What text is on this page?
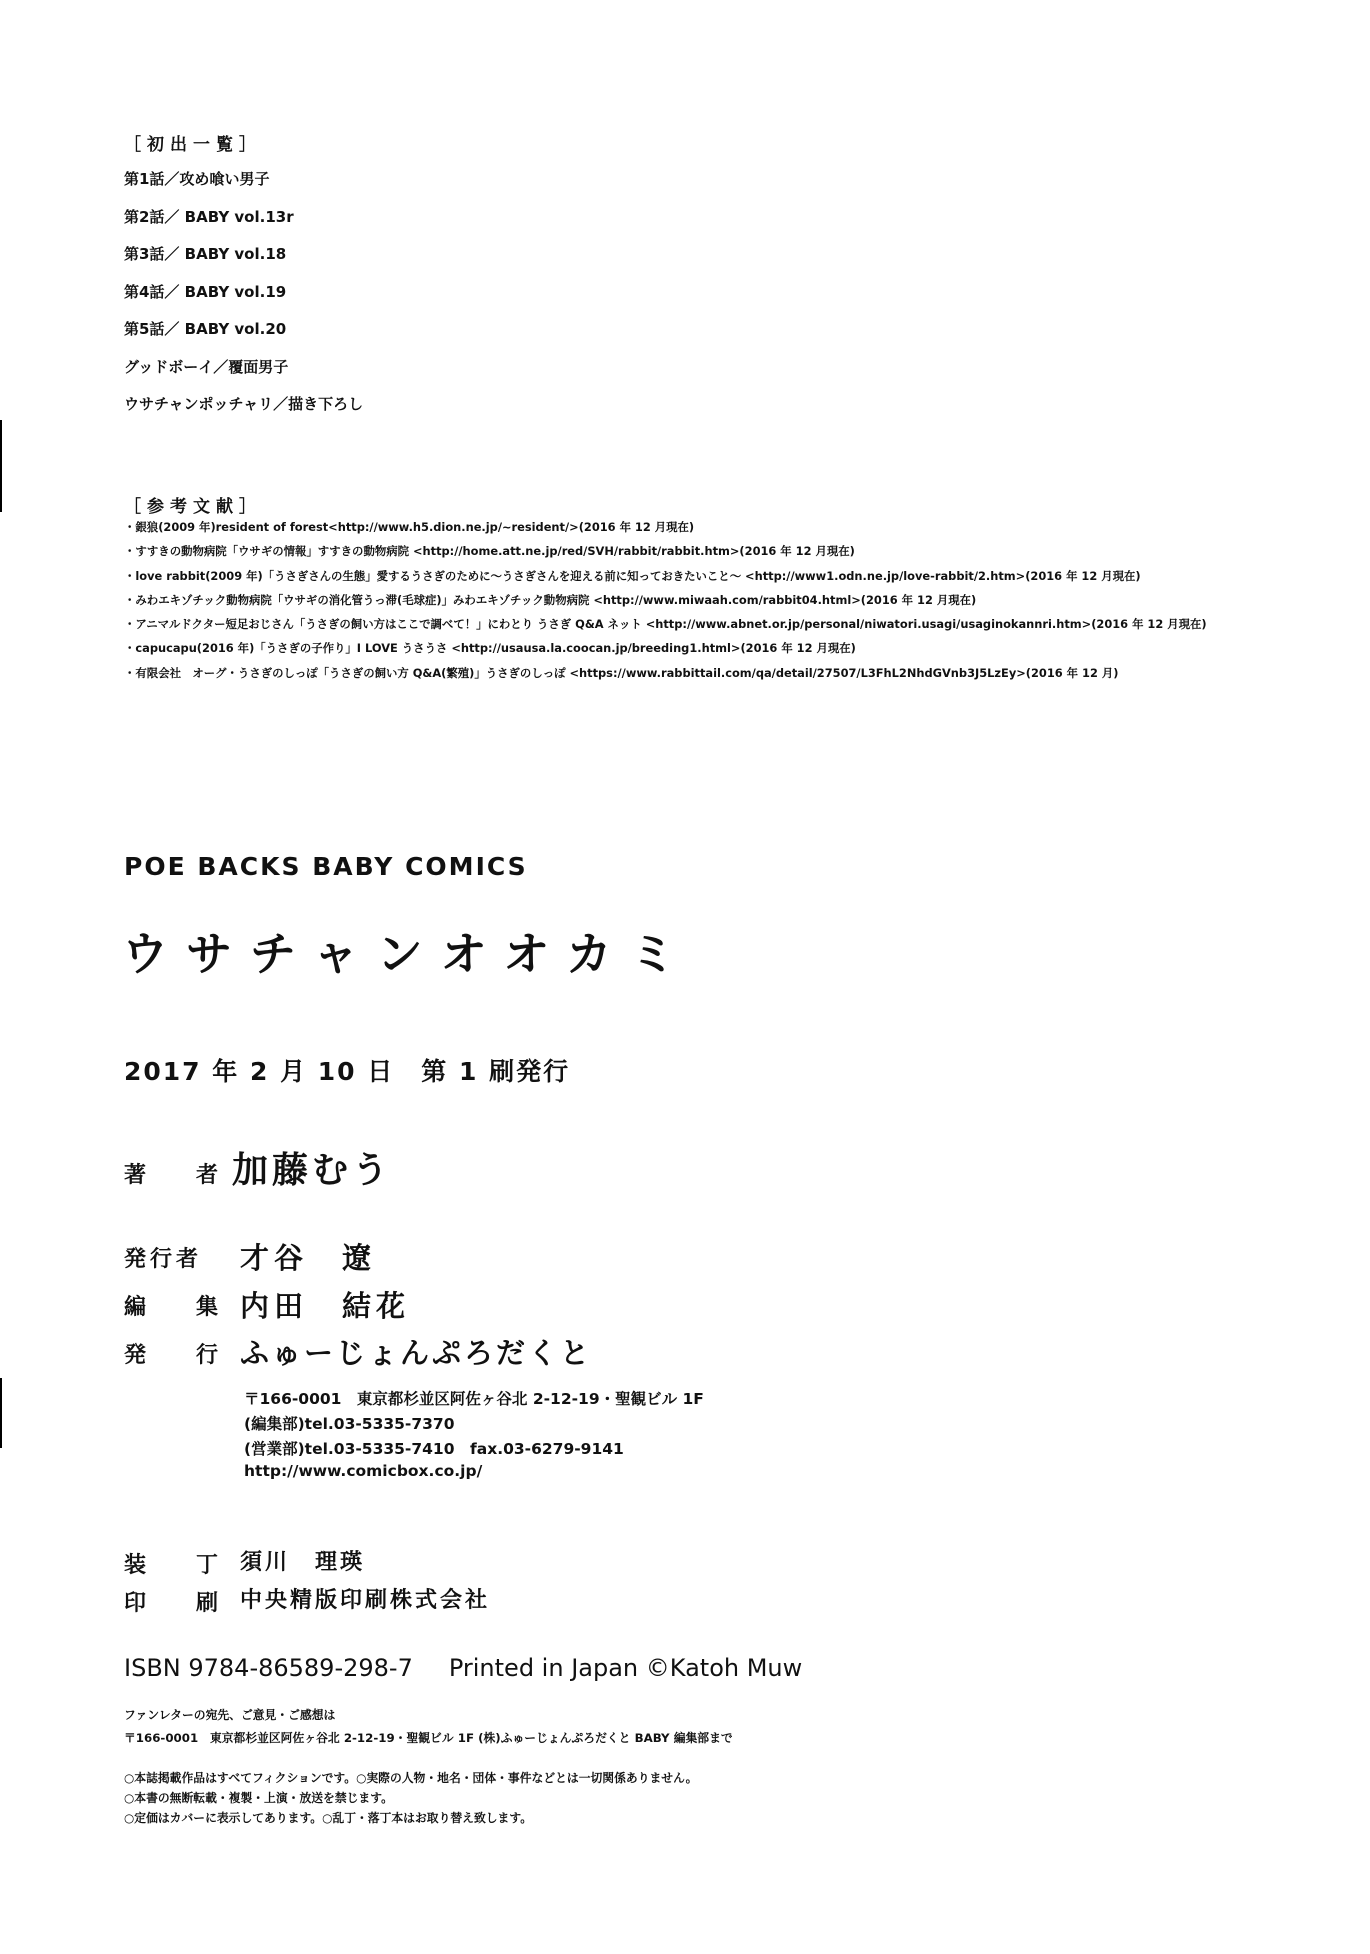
［初出一覧］
第1話／攻め喰い男子
第2話／ BABY vol.13r
第3話／ BABY vol.18
第4話／ BABY vol.19
第5話／ BABY vol.20
グッドボーイ／覆面男子
ウサチャンポッチャリ／描き下ろし
［参考文献］
・ 銀狼(2009 年)resident of forest<http://www.h5.dion.ne.jp/~resident/>(2016 年 12 月現在)
・ すすきの動物病院「ウサギの情報」すすきの動物病院 <http://home.att.ne.jp/red/SVH/rabbit/rabbit.htm>(2016 年 12 月現在)
・ love rabbit(2009 年)「うさぎさんの生態」愛するうさぎのために～うさぎさんを迎える前に知っておきたいこと～ <http://www1.odn.ne.jp/love-rabbit/2.htm>(2016 年 12 月現在)
・ みわエキゾチック動物病院「ウサギの消化管うっ滞(毛球症)」みわエキゾチック動物病院 <http://www.miwaah.com/rabbit04.html>(2016 年 12 月現在)
・ アニマルドクター短足おじさん「うさぎの飼い方はここで調べて！」にわとり うさぎ Q&A ネット <http://www.abnet.or.jp/personal/niwatori.usagi/usaginokannri.htm>(2016 年 12 月現在)
・ capucapu(2016 年)「うさぎの子作り」I LOVE うさうさ <http://usausa.la.coocan.jp/breeding1.html>(2016 年 12 月現在)
・ 有限会社　オーグ・うさぎのしっぽ「うさぎの飼い方 Q&A(繁殖)」うさぎのしっぽ <https://www.rabbittail.com/qa/detail/27507/L3FhL2NhdGVnb3J5LzEy>(2016 年 12 月)
POE BACKS BABY COMICS
ウサチャンオオカミ
2017 年 2 月 10 日　第 1 刷発行
著　者 加藤むう
発行者 才谷　遼
編　集 内田　結花
発　行 ふゅーじょんぷろだくと
〒166-0001　東京都杉並区阿佐ヶ谷北 2-12-19・聖観ビル 1F
(編集部)tel.03-5335-7370
(営業部)tel.03-5335-7410　fax.03-6279-9141
http://www.comicbox.co.jp/
装　丁 須川　理瑛
印　刷 中央精版印刷株式会社
ISBN 9784-86589-298-7 Printed in Japan ©Katoh Muw
ファンレターの宛先、ご意見・ご感想は
〒166-0001　東京都杉並区阿佐ヶ谷北 2-12-19・聖観ビル 1F (株)ふゅーじょんぷろだくと BABY 編集部まで
○本誌掲載作品はすべてフィクションです。○実際の人物・地名・団体・事件などとは一切関係ありません。
○本書の無断転載・複製・上演・放送を禁じます。
○定価はカバーに表示してあります。○乱丁・落丁本はお取り替え致します。
